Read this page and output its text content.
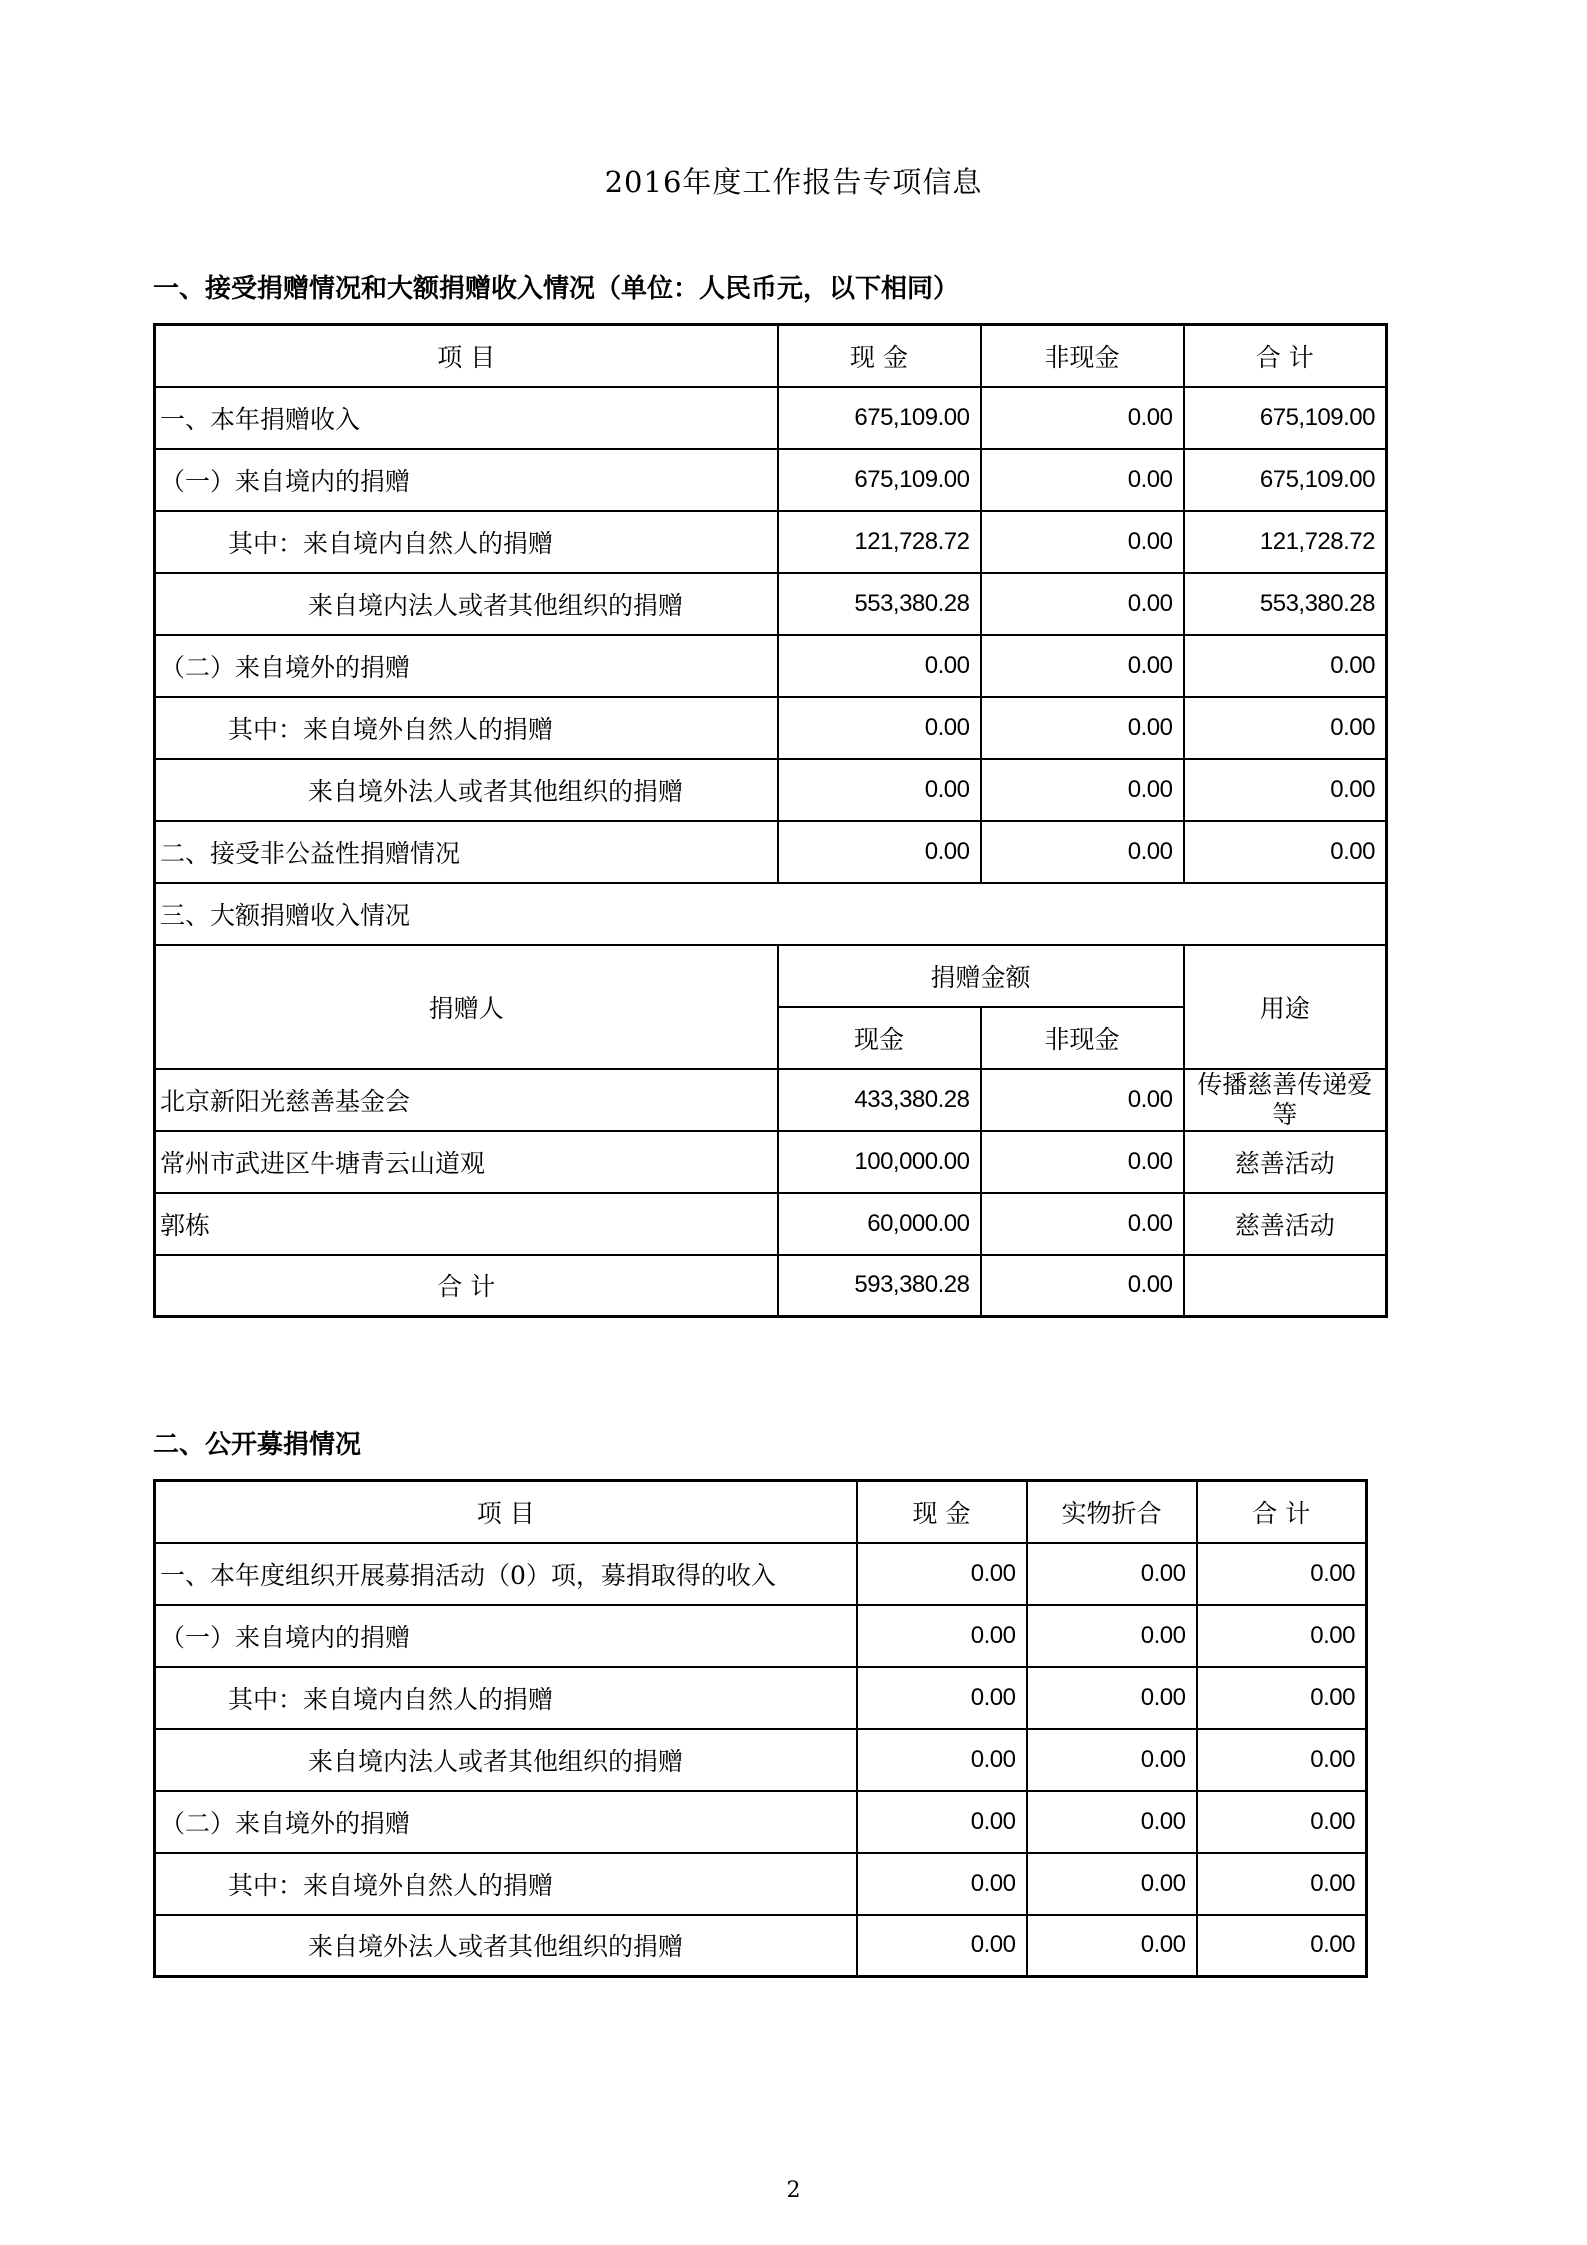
2016年度工作报告专项信息
一、接受捐赠情况和大额捐赠收入情况（单位：人民币元，以下相同）
项 目	现 金	非现金	合 计
一、本年捐赠收入	675,109.00	0.00	675,109.00
（一）来自境内的捐赠	675,109.00	0.00	675,109.00
其中：来自境内自然人的捐赠	121,728.72	0.00	121,728.72
来自境内法人或者其他组织的捐赠	553,380.28	0.00	553,380.28
（二）来自境外的捐赠	0.00	0.00	0.00
其中：来自境外自然人的捐赠	0.00	0.00	0.00
来自境外法人或者其他组织的捐赠	0.00	0.00	0.00
二、接受非公益性捐赠情况	0.00	0.00	0.00
三、大额捐赠收入情况			
捐赠人	捐赠金额		用途
	现金	非现金	
北京新阳光慈善基金会	433,380.28	0.00	传播慈善传递爱等
常州市武进区牛塘青云山道观	100,000.00	0.00	慈善活动
郭栋	60,000.00	0.00	慈善活动
合 计	593,380.28	0.00	
二、公开募捐情况
项 目	现 金	实物折合	合 计
一、本年度组织开展募捐活动（0）项，募捐取得的收入	0.00	0.00	0.00
（一）来自境内的捐赠	0.00	0.00	0.00
其中：来自境内自然人的捐赠	0.00	0.00	0.00
来自境内法人或者其他组织的捐赠	0.00	0.00	0.00
（二）来自境外的捐赠	0.00	0.00	0.00
其中：来自境外自然人的捐赠	0.00	0.00	0.00
来自境外法人或者其他组织的捐赠	0.00	0.00	0.00
2
